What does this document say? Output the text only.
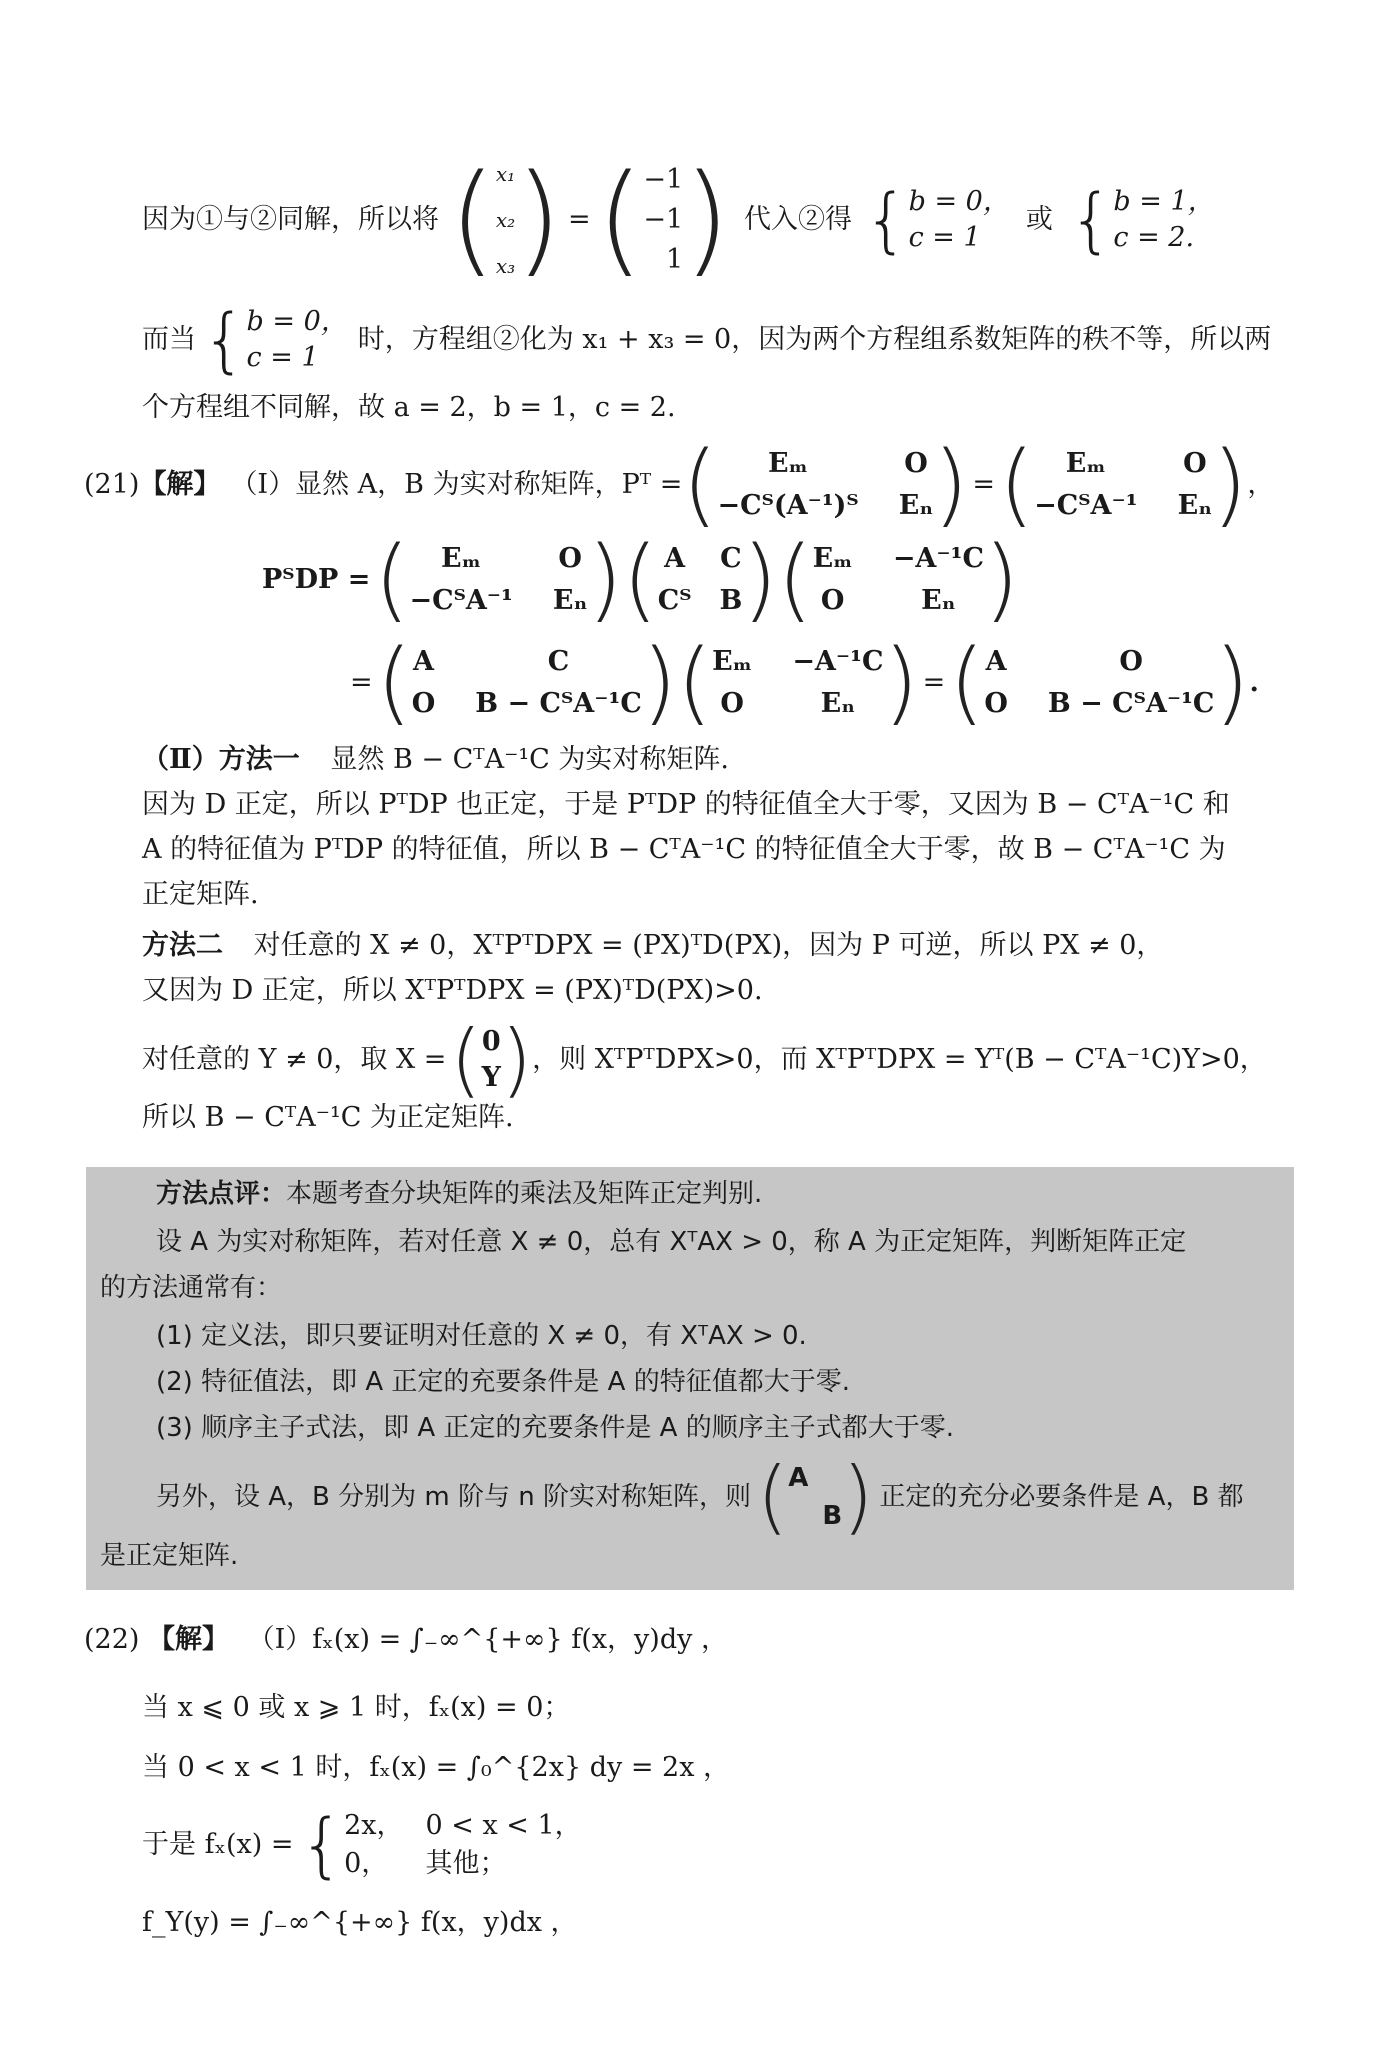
因为①与②同解，所以将 ( x₁
x₂
x₃ ) = ( −1
−1
1 ) 代入②得 { b = 0，
c = 1
或 { b = 1，
c = 2.
而当 { b = 0，
c = 1
时，方程组②化为 x₁ + x₃ = 0，因为两个方程组系数矩阵的秩不等，所以两
个方程组不同解，故 a = 2，b = 1，c = 2.
(21) 【解】 （Ⅰ）显然 A，B 为实对称矩阵，Pᵀ = (	Eₘ	O
−Cᵀ(A⁻¹)ᵀ Eₙ ) = (	Eₘ	O
−CᵀA⁻¹ Eₙ ) ，
PᵀDP = (	Eₘ	O
−CᵀA⁻¹ Eₙ ) ( A C
Cᵀ B ) ( Eₘ −A⁻¹C
O	Eₙ )
= ( A	C
O B − CᵀA⁻¹C ) ( Eₘ −A⁻¹C
O	Eₙ ) = ( A	O
O B − CᵀA⁻¹C ) .
（Ⅱ）方法一 显然 B − CᵀA⁻¹C 为实对称矩阵.
因为 D 正定，所以 PᵀDP 也正定，于是 PᵀDP 的特征值全大于零，又因为 B − CᵀA⁻¹C 和
A 的特征值为 PᵀDP 的特征值，所以 B − CᵀA⁻¹C 的特征值全大于零，故 B − CᵀA⁻¹C 为
正定矩阵.
方法二 对任意的 X ≠ 0，XᵀPᵀDPX = (PX)ᵀD(PX)，因为 P 可逆，所以 PX ≠ 0，
又因为 D 正定，所以 XᵀPᵀDPX = (PX)ᵀD(PX)>0.
对任意的 Y ≠ 0，取 X = ( 0
Y ) ，则 XᵀPᵀDPX>0，而 XᵀPᵀDPX = Yᵀ(B − CᵀA⁻¹C)Y>0，
所以 B − CᵀA⁻¹C 为正定矩阵.
方法点评：本题考查分块矩阵的乘法及矩阵正定判别.
设 A 为实对称矩阵，若对任意 X ≠ 0，总有 XᵀAX > 0，称 A 为正定矩阵，判断矩阵正定
的方法通常有：
(1) 定义法，即只要证明对任意的 X ≠ 0，有 XᵀAX > 0.
(2) 特征值法，即 A 正定的充要条件是 A 的特征值都大于零.
(3) 顺序主子式法，即 A 正定的充要条件是 A 的顺序主子式都大于零.
另外，设 A，B 分别为 m 阶与 n 阶实对称矩阵，则 ( A
B ) 正定的充分必要条件是 A，B 都
是正定矩阵.
(22) 【解】 （Ⅰ）fₓ(x) = ∫₋∞^{+∞} f(x，y)dy ，
当 x ⩽ 0 或 x ⩾ 1 时，fₓ(x) = 0；
当 0 < x < 1 时，fₓ(x) = ∫₀^{2x} dy = 2x ，
于是 fₓ(x) = { 2x， 0 < x < 1，
0，	其他；
f_Y(y) = ∫₋∞^{+∞} f(x，y)dx ，
